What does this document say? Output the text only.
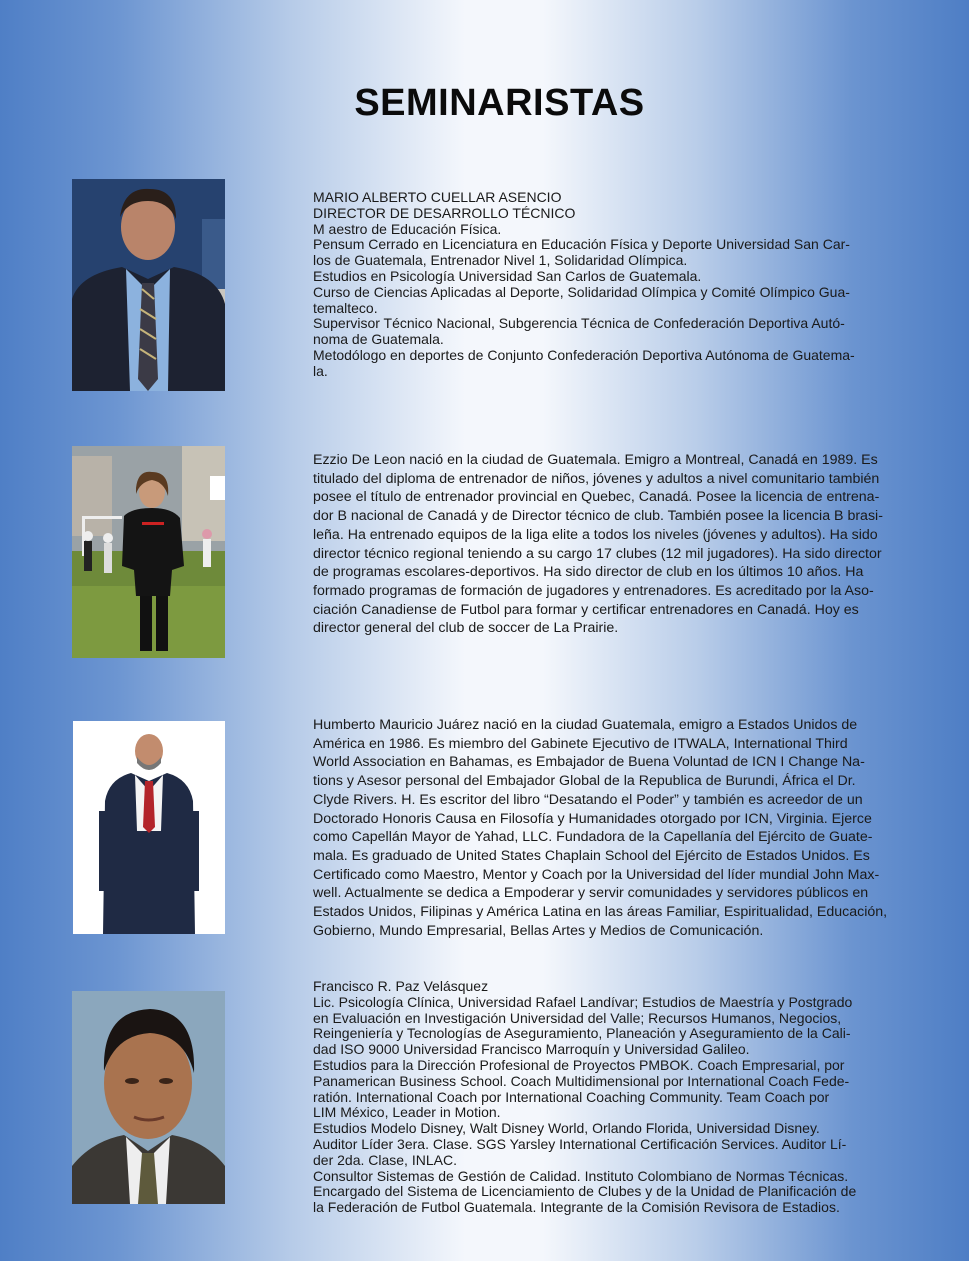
SEMINARISTAS
MARIO ALBERTO CUELLAR ASENCIO
DIRECTOR DE DESARROLLO TÉCNICO
M aestro de Educación Física.
Pensum Cerrado en Licenciatura en Educación Física y Deporte Universidad San Car-
los de Guatemala, Entrenador Nivel 1, Solidaridad Olímpica.
Estudios en Psicología Universidad San Carlos de Guatemala.
Curso de Ciencias Aplicadas al Deporte, Solidaridad Olímpica y Comité Olímpico Gua-
temalteco.
Supervisor Técnico Nacional, Subgerencia Técnica de Confederación Deportiva Autó-
noma de Guatemala.
Metodólogo en deportes de Conjunto Confederación Deportiva Autónoma de Guatema-
la.
Ezzio De Leon nació en la ciudad de Guatemala. Emigro a Montreal, Canadá en 1989. Es
titulado del diploma de entrenador de niños, jóvenes y adultos a nivel comunitario también
posee el título de entrenador provincial en Quebec, Canadá. Posee la licencia de entrena-
dor B nacional de Canadá y de Director técnico de club. También posee la licencia B brasi-
leña. Ha entrenado equipos de la liga elite a todos los niveles (jóvenes y adultos). Ha sido
director técnico regional teniendo a su cargo 17 clubes (12 mil jugadores). Ha sido director
de programas escolares-deportivos. Ha sido director de club en los últimos 10 años. Ha
formado programas de formación de jugadores y entrenadores. Es acreditado por la Aso-
ciación Canadiense de Futbol para formar y certificar entrenadores en Canadá. Hoy es
director general del club de soccer de La Prairie.
Humberto Mauricio Juárez nació en la ciudad Guatemala, emigro a Estados Unidos de
América en 1986. Es miembro del Gabinete Ejecutivo de ITWALA, International Third
World Association en Bahamas, es Embajador de Buena Voluntad de ICN I Change Na-
tions y Asesor personal del Embajador Global de la Republica de Burundi, África el Dr.
Clyde Rivers. H. Es escritor del libro “Desatando el Poder” y también es acreedor de un
Doctorado Honoris Causa en Filosofía y Humanidades otorgado por ICN, Virginia. Ejerce
como Capellán Mayor de Yahad, LLC. Fundadora de la Capellanía del Ejército de Guate-
mala. Es graduado de United States Chaplain School del Ejército de Estados Unidos. Es
Certificado como Maestro, Mentor y Coach por la Universidad del líder mundial John Max-
well. Actualmente se dedica a Empoderar y servir comunidades y servidores públicos en
Estados Unidos, Filipinas y América Latina en las áreas Familiar, Espiritualidad, Educación,
Gobierno, Mundo Empresarial, Bellas Artes y Medios de Comunicación.
Francisco R. Paz Velásquez
Lic. Psicología Clínica, Universidad Rafael Landívar; Estudios de Maestría y Postgrado
en Evaluación en Investigación Universidad del Valle; Recursos Humanos, Negocios,
Reingeniería y Tecnologías de Aseguramiento, Planeación y Aseguramiento de la Cali-
dad ISO 9000 Universidad Francisco Marroquín y Universidad Galileo.
Estudios para la Dirección Profesional de Proyectos PMBOK. Coach Empresarial, por
Panamerican Business School. Coach Multidimensional por International Coach Fede-
ratión. International Coach por International Coaching Community. Team Coach por
LIM México, Leader in Motion.
Estudios Modelo Disney, Walt Disney World, Orlando Florida, Universidad Disney.
Auditor Líder 3era. Clase. SGS Yarsley International Certificación Services. Auditor Lí-
der 2da. Clase, INLAC.
Consultor Sistemas de Gestión de Calidad. Instituto Colombiano de Normas Técnicas.
Encargado del Sistema de Licenciamiento de Clubes y de la Unidad de Planificación de
la Federación de Futbol Guatemala. Integrante de la Comisión Revisora de Estadios.
